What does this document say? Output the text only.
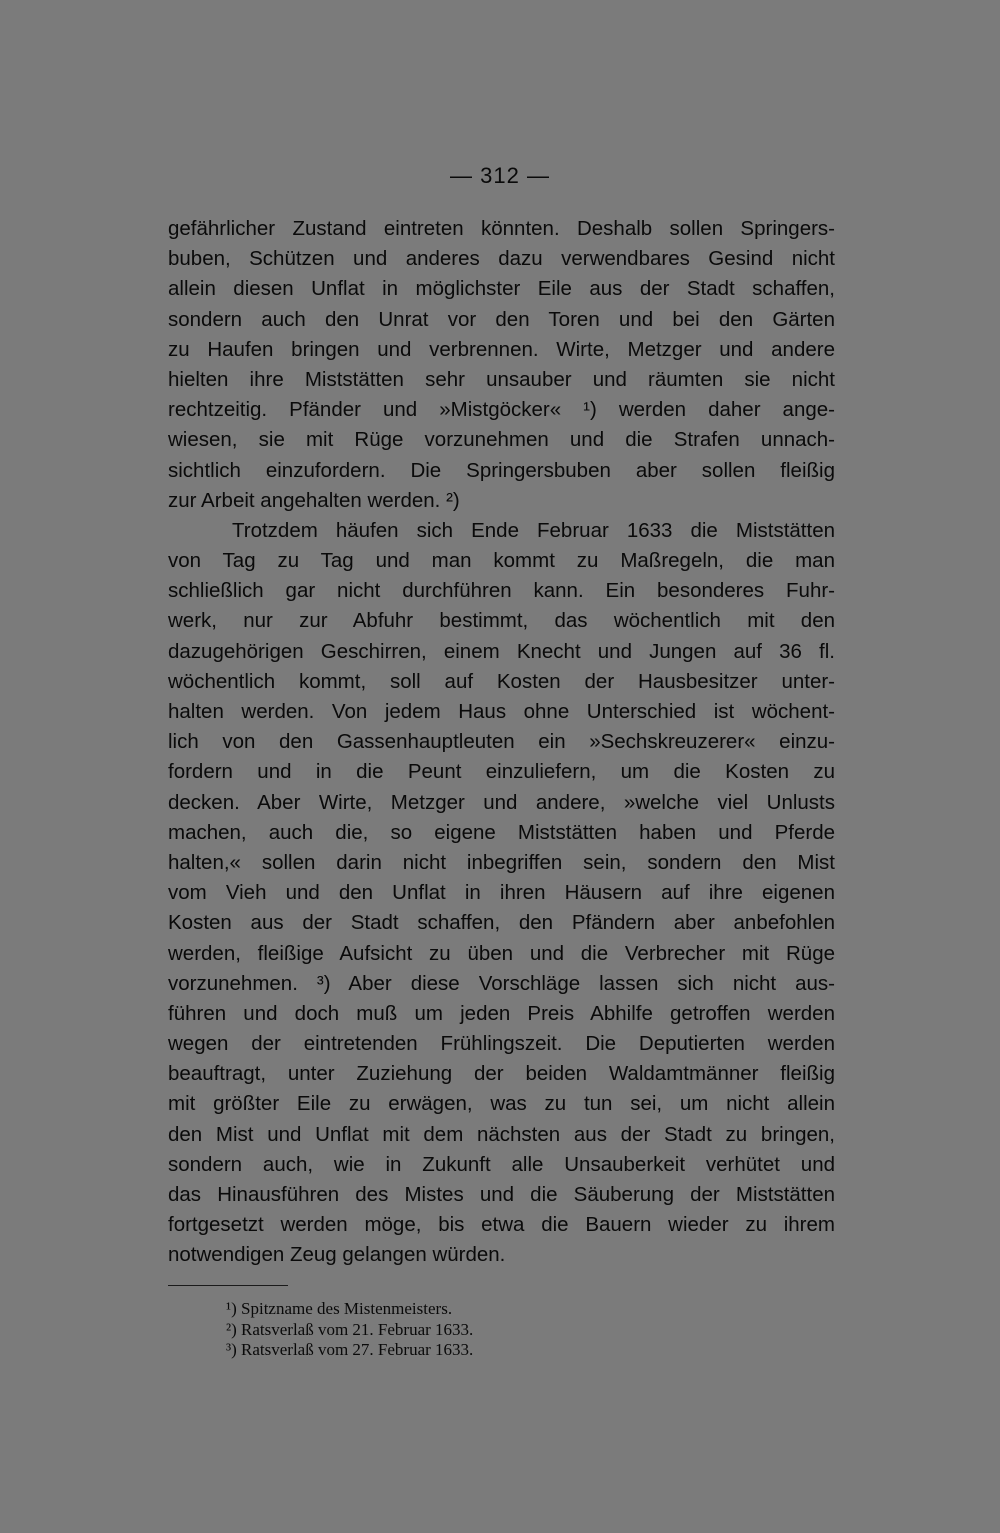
— 312 —
gefährlicher Zustand eintreten könnten. Deshalb sollen Springers-
buben, Schützen und anderes dazu verwendbares Gesind nicht
allein diesen Unflat in möglichster Eile aus der Stadt schaffen,
sondern auch den Unrat vor den Toren und bei den Gärten
zu Haufen bringen und verbrennen. Wirte, Metzger und andere
hielten ihre Miststätten sehr unsauber und räumten sie nicht
rechtzeitig. Pfänder und »Mistgöcker« ¹) werden daher ange-
wiesen, sie mit Rüge vorzunehmen und die Strafen unnach-
sichtlich einzufordern. Die Springersbuben aber sollen fleißig
zur Arbeit angehalten werden. ²)
Trotzdem häufen sich Ende Februar 1633 die Miststätten
von Tag zu Tag und man kommt zu Maßregeln, die man
schließlich gar nicht durchführen kann. Ein besonderes Fuhr-
werk, nur zur Abfuhr bestimmt, das wöchentlich mit den
dazugehörigen Geschirren, einem Knecht und Jungen auf 36 fl.
wöchentlich kommt, soll auf Kosten der Hausbesitzer unter-
halten werden. Von jedem Haus ohne Unterschied ist wöchent-
lich von den Gassenhauptleuten ein »Sechskreuzerer« einzu-
fordern und in die Peunt einzuliefern, um die Kosten zu
decken. Aber Wirte, Metzger und andere, »welche viel Unlusts
machen, auch die, so eigene Miststätten haben und Pferde
halten,« sollen darin nicht inbegriffen sein, sondern den Mist
vom Vieh und den Unflat in ihren Häusern auf ihre eigenen
Kosten aus der Stadt schaffen, den Pfändern aber anbefohlen
werden, fleißige Aufsicht zu üben und die Verbrecher mit Rüge
vorzunehmen. ³) Aber diese Vorschläge lassen sich nicht aus-
führen und doch muß um jeden Preis Abhilfe getroffen werden
wegen der eintretenden Frühlingszeit. Die Deputierten werden
beauftragt, unter Zuziehung der beiden Waldamtmänner fleißig
mit größter Eile zu erwägen, was zu tun sei, um nicht allein
den Mist und Unflat mit dem nächsten aus der Stadt zu bringen,
sondern auch, wie in Zukunft alle Unsauberkeit verhütet und
das Hinausführen des Mistes und die Säuberung der Miststätten
fortgesetzt werden möge, bis etwa die Bauern wieder zu ihrem
notwendigen Zeug gelangen würden.
¹) Spitzname des Mistenmeisters.
²) Ratsverlaß vom 21. Februar 1633.
³) Ratsverlaß vom 27. Februar 1633.
